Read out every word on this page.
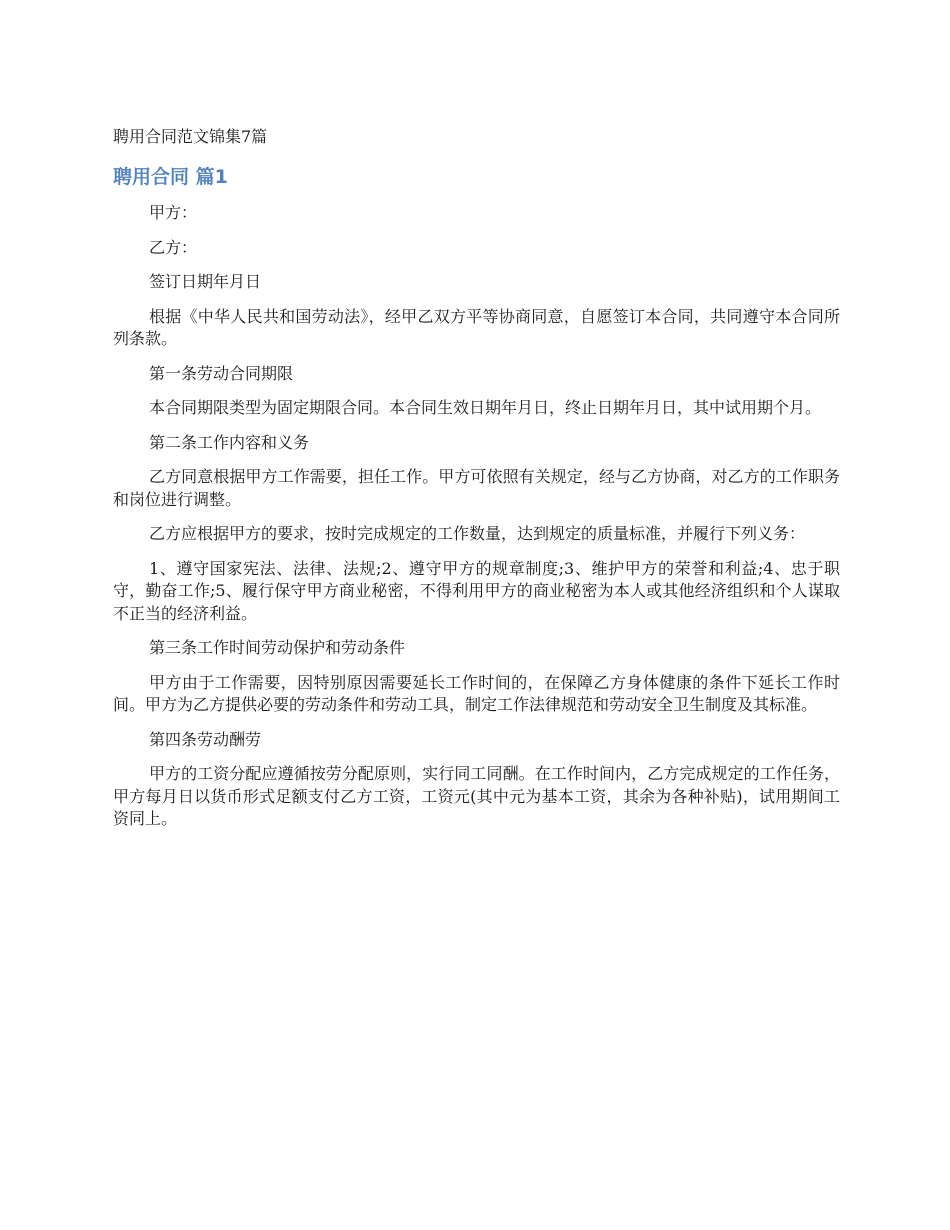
聘用合同范文锦集7篇
聘用合同 篇1

甲方：

乙方：

签订日期年月日

根据《中华人民共和国劳动法》，经甲乙双方平等协商同意，自愿签订本合同，共同遵守本合同所列条款。

第一条劳动合同期限

本合同期限类型为固定期限合同。本合同生效日期年月日，终止日期年月日，其中试用期个月。

第二条工作内容和义务

乙方同意根据甲方工作需要，担任工作。甲方可依照有关规定，经与乙方协商，对乙方的工作职务和岗位进行调整。

乙方应根据甲方的要求，按时完成规定的工作数量，达到规定的质量标准，并履行下列义务：

1、遵守国家宪法、法律、法规;2、遵守甲方的规章制度;3、维护甲方的荣誉和利益;4、忠于职守，勤奋工作;5、履行保守甲方商业秘密，不得利用甲方的商业秘密为本人或其他经济组织和个人谋取不正当的经济利益。

第三条工作时间劳动保护和劳动条件

甲方由于工作需要，因特别原因需要延长工作时间的，在保障乙方身体健康的条件下延长工作时间。甲方为乙方提供必要的劳动条件和劳动工具，制定工作法律规范和劳动安全卫生制度及其标准。

第四条劳动酬劳

甲方的工资分配应遵循按劳分配原则，实行同工同酬。在工作时间内，乙方完成规定的工作任务，甲方每月日以货币形式足额支付乙方工资，工资元(其中元为基本工资，其余为各种补贴)，试用期间工资同上。
